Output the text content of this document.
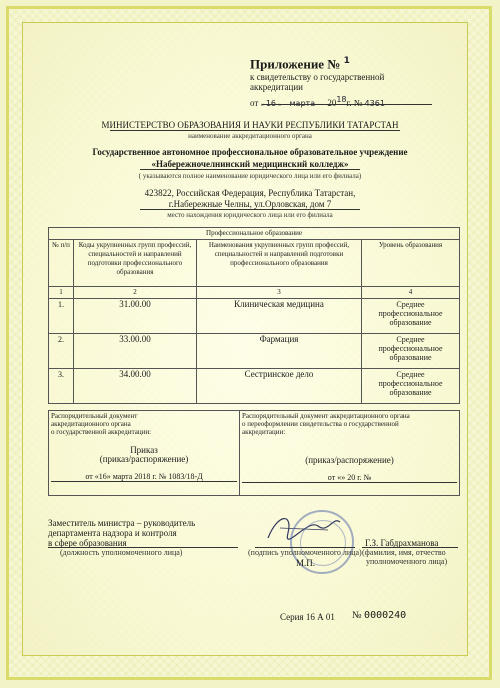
Приложение № $^1$
к свидетельству о государственной
аккредитации
от « 16 » марта 2018г. № 4361
МИНИСТЕРСТВО ОБРАЗОВАНИЯ И НАУКИ РЕСПУБЛИКИ ТАТАРСТАН
наименование аккредитационного органа
Государственное автономное профессиональное образовательное учреждение
«Набережночелнинский медицинский колледж»
( указываются полное наименование юридического лица или его филиала)
423822, Российская Федерация, Республика Татарстан,
г.Набережные Челны, ул.Орловская, дом 7
место нахождения юридического лица или его филиала
Профессиональное образование			
№ п/п	Коды укрупненных групп профессий, специальностей и направлений подготовки профессионального образования	Наименования укрупненных групп профессий, специальностей и направлений подготовки профессионального образования	Уровень образования
1	2	3	4
1.	31.00.00	Клиническая медицина	Среднее
профессиональное
образование

2.	33.00.00	Фармация	Среднее
профессиональное
образование

3.	34.00.00	Сестринское дело	Среднее
профессиональное
образование
Распорядительный документ
аккредитационного органа
о государственной аккредитации:
Приказ
(приказ/распоряжение)
от «16» марта 2018 г. № 1083/18-Д

Распорядительный документ аккредитационного органа
о переоформлении свидетельства о государственной
аккредитации:
(приказ/распоряжение)
от «» 20 г. №
Заместитель министра – руководитель
департамента надзора и контроля
в сфере образования
(должность уполномоченного лица)	(подпись уполномоченного лица)
М.П.
Г.З. Габдрахманова
(фамилия, имя, отчество
уполномоченного лица)
Серия 16 А 01 № 0000240
